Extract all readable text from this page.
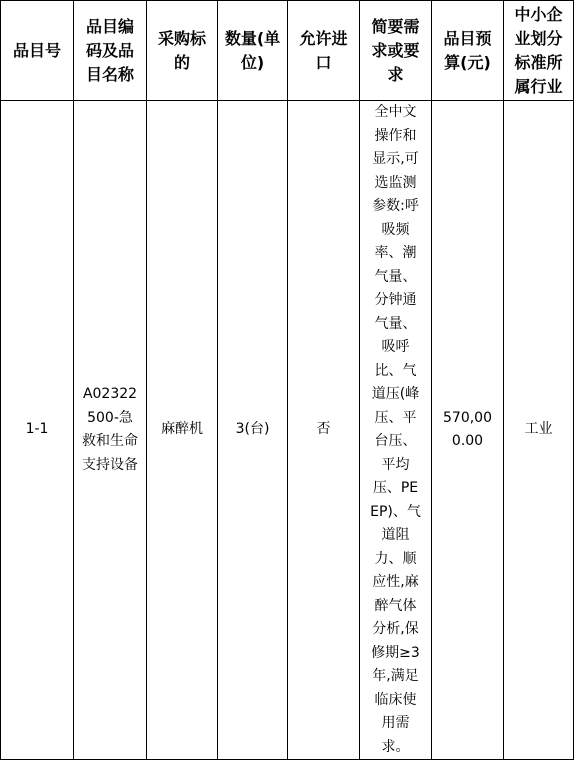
品目号	品目编码及品目名称	采购标的	数量(单位)	允许进口	简要需求或要求	品目预算(元)	中小企业划分标准所属行业
1-1	A02322500-急救和生命支持设备	麻醉机	3(台)	否	全中文操作和显示,可选监测参数:呼吸频率、潮气量、分钟通气量、吸呼比、气道压(峰压、平台压、平均压、PEEP)、气道阻力、顺应性,麻醉气体分析,保修期≥3年,满足临床使用需求。	570,000.00	工业
